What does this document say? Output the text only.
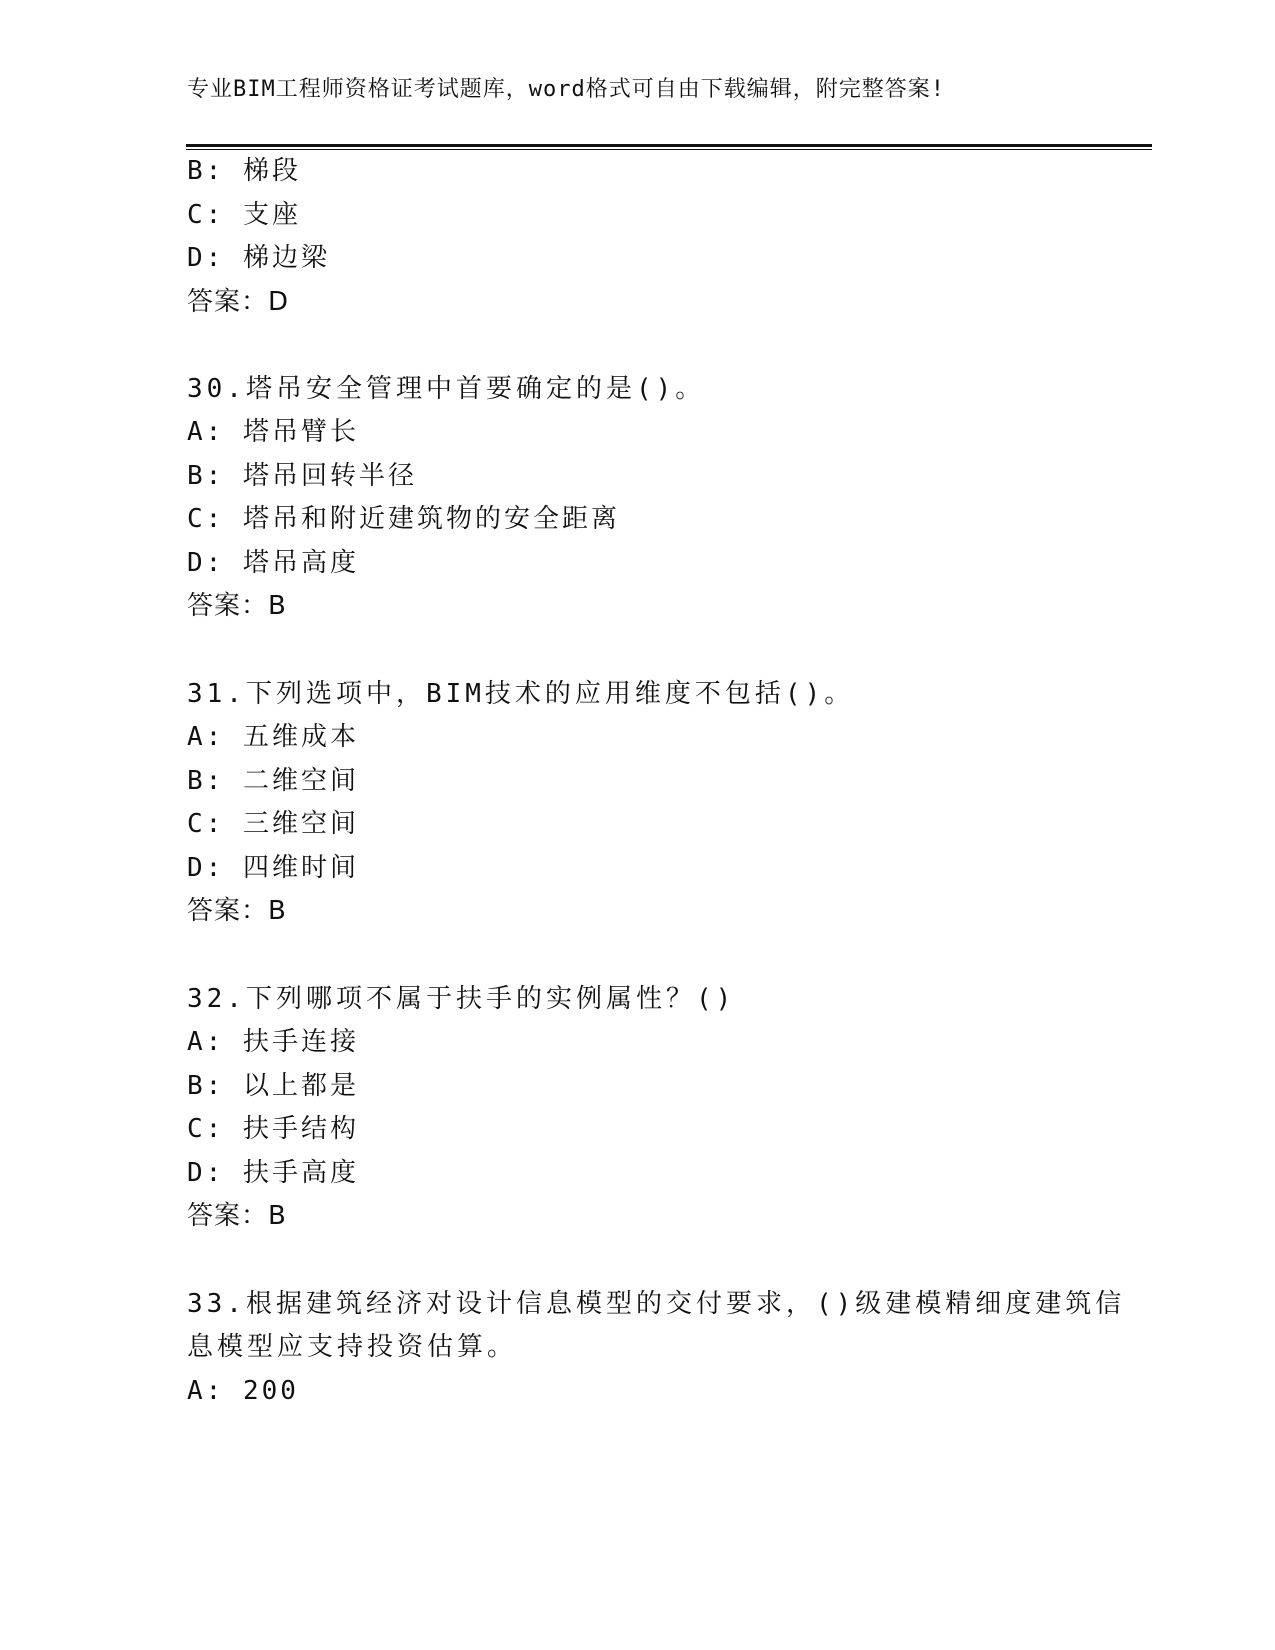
专业BIM工程师资格证考试题库，word格式可自由下载编辑，附完整答案!
B: 梯段
C: 支座
D: 梯边梁
答案：D
30.塔吊安全管理中首要确定的是()。
A: 塔吊臂长
B: 塔吊回转半径
C: 塔吊和附近建筑物的安全距离
D: 塔吊高度
答案：B
31.下列选项中，BIM技术的应用维度不包括()。
A: 五维成本
B: 二维空间
C: 三维空间
D: 四维时间
答案：B
32.下列哪项不属于扶手的实例属性？()
A: 扶手连接
B: 以上都是
C: 扶手结构
D: 扶手高度
答案：B
33.根据建筑经济对设计信息模型的交付要求，()级建模精细度建筑信
息模型应支持投资估算。
A: 200
